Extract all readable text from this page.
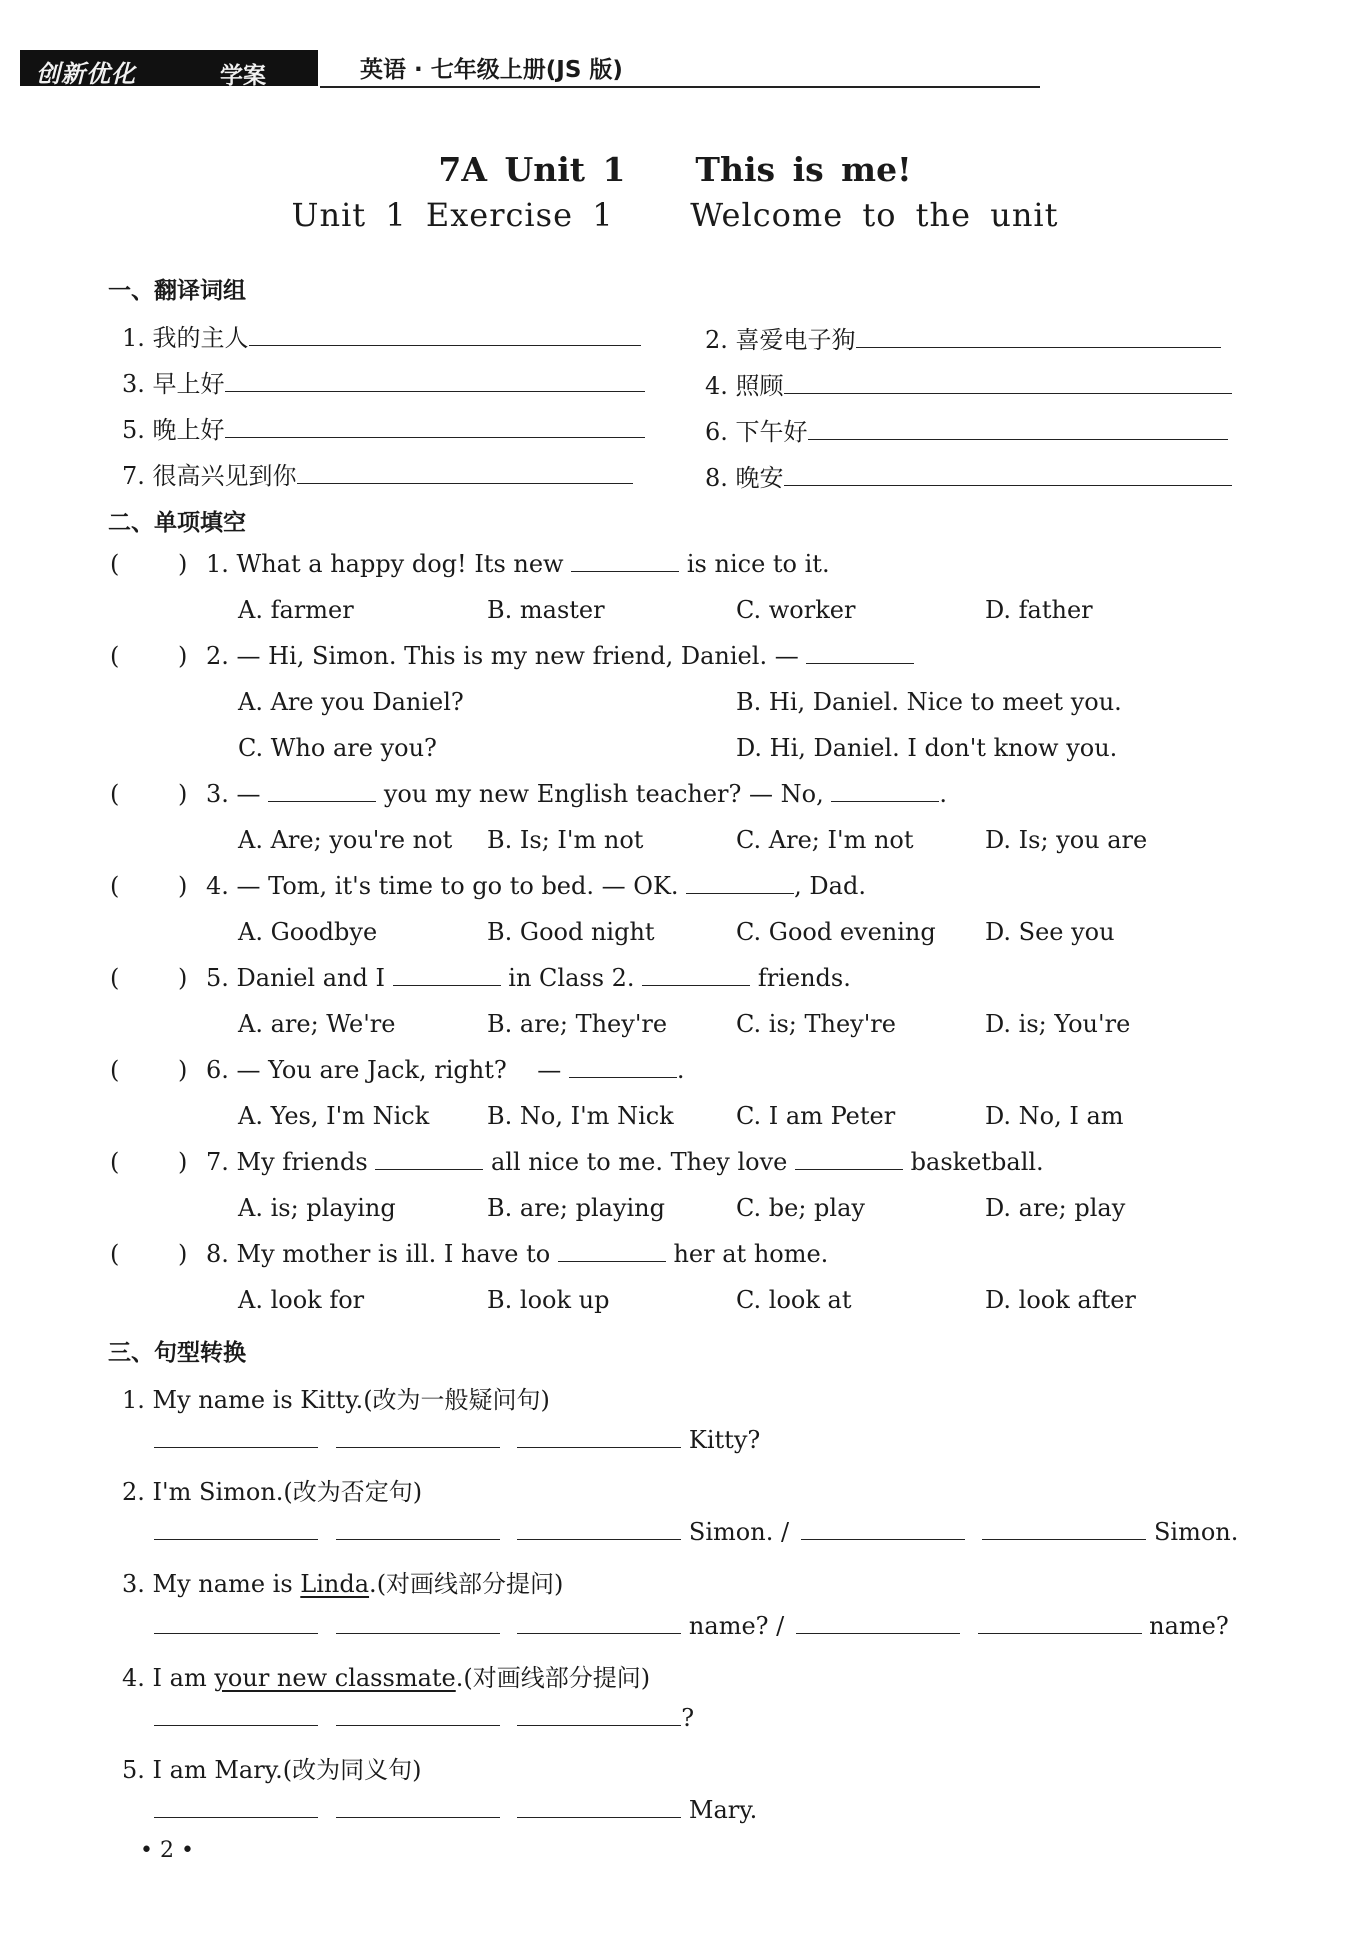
创新优化	学案	英语 · 七年级上册(JS 版)
7A Unit 1    This is me!
Unit 1 Exercise 1    Welcome to the unit
一、翻译词组
1. 我的主人	2. 喜爱电子狗
3. 早上好	4. 照顾
5. 晚上好	6. 下午好
7. 很高兴见到你	8. 晚安
二、单项填空
( ) 1. What a happy dog! Its new	is nice to it.
A. farmer	B. master	C. worker	D. father
( ) 2. — Hi, Simon. This is my new friend, Daniel. —
A. Are you Daniel?	B. Hi, Daniel. Nice to meet you.
C. Who are you?	D. Hi, Daniel. I don't know you.
( ) 3. —	you my new English teacher? — No,	.
A. Are; you're not B. Is; I'm not	C. Are; I'm not	D. Is; you are
( ) 4. — Tom, it's time to go to bed. — OK.	, Dad.
A. Goodbye	B. Good night	C. Good evening D. See you
( ) 5. Daniel and I	in Class 2.	friends.
A. are; We're	B. are; They're	C. is; They're	D. is; You're
( ) 6. — You are Jack, right?    —	.
A. Yes, I'm Nick B. No, I'm Nick	C. I am Peter	D. No, I am
( ) 7. My friends	all nice to me. They love	basketball.
A. is; playing	B. are; playing	C. be; play	D. are; play
( ) 8. My mother is ill. I have to	her at home.
A. look for	B. look up	C. look at	D. look after
三、句型转换
1. My name is Kitty.(改为一般疑问句)
Kitty?
2. I'm Simon.(改为否定句)
Simon. /	Simon.
3. My name is Linda.(对画线部分提问)
name? /	name?
4. I am your new classmate.(对画线部分提问)
?
5. I am Mary.(改为同义句)
Mary.
• 2 •
